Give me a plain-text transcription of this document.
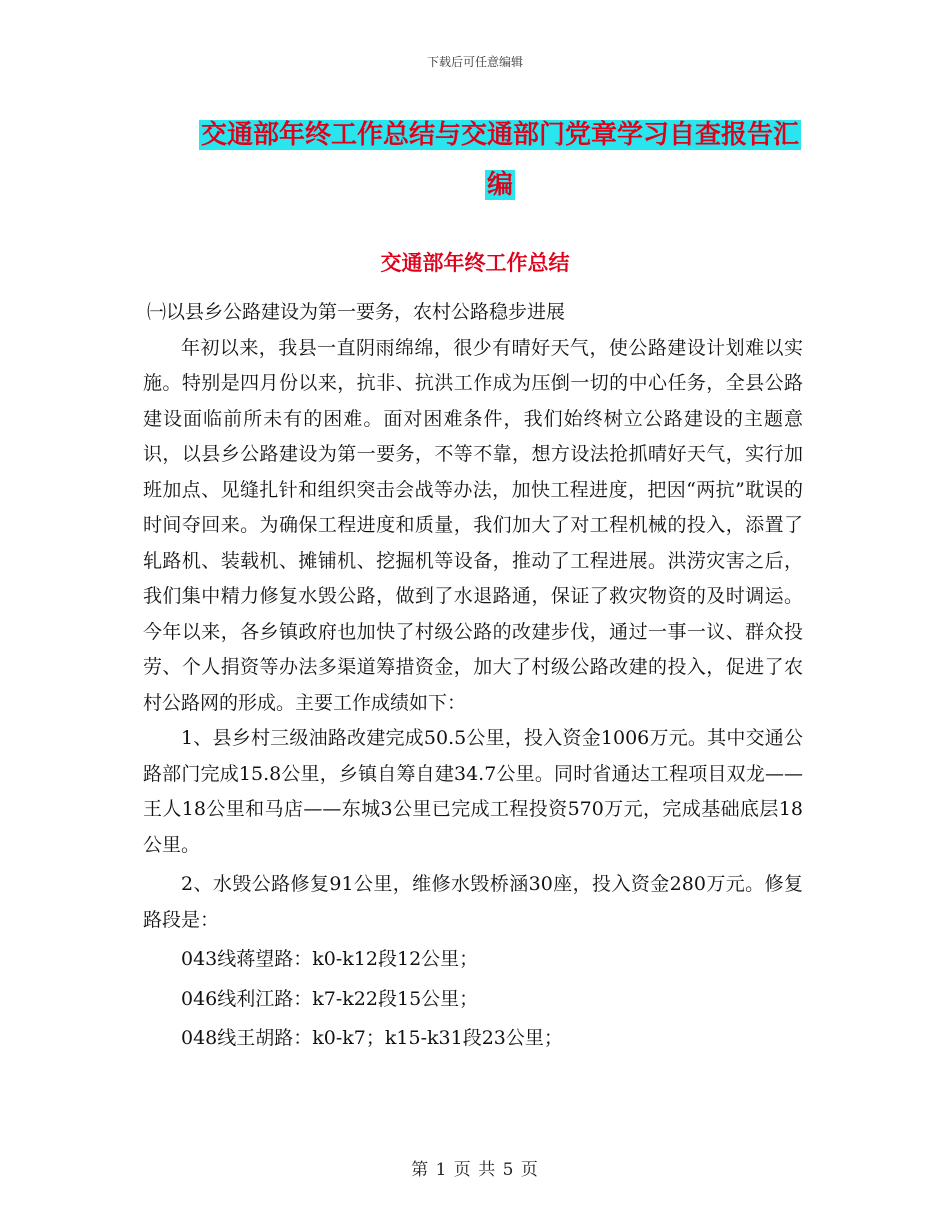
下载后可任意编辑
交通部年终工作总结与交通部门党章学习自查报告汇
编
交通部年终工作总结

㈠以县乡公路建设为第一要务，农村公路稳步进展

年初以来，我县一直阴雨绵绵，很少有晴好天气，使公路建设计划难以实施。特别是四月份以来，抗非、抗洪工作成为压倒一切的中心任务，全县公路建设面临前所未有的困难。面对困难条件，我们始终树立公路建设的主题意识，以县乡公路建设为第一要务，不等不靠，想方设法抢抓晴好天气，实行加班加点、见缝扎针和组织突击会战等办法，加快工程进度，把因“两抗”耽误的时间夺回来。为确保工程进度和质量，我们加大了对工程机械的投入，添置了轧路机、装载机、摊铺机、挖掘机等设备，推动了工程进展。洪涝灾害之后，我们集中精力修复水毁公路，做到了水退路通，保证了救灾物资的及时调运。今年以来，各乡镇政府也加快了村级公路的改建步伐，通过一事一议、群众投劳、个人捐资等办法多渠道筹措资金，加大了村级公路改建的投入，促进了农村公路网的形成。主要工作成绩如下：

1、县乡村三级油路改建完成50.5公里，投入资金1006万元。其中交通公路部门完成15.8公里，乡镇自筹自建34.7公里。同时省通达工程项目双龙——王人18公里和马店——东城3公里已完成工程投资570万元，完成基础底层18公里。

2、水毁公路修复91公里，维修水毁桥涵30座，投入资金280万元。修复路段是：

043线蒋望路：k0-k12段12公里；

046线利江路：k7-k22段15公里；

048线王胡路：k0-k7；k15-k31段23公里；

第 1 页 共 5 页
